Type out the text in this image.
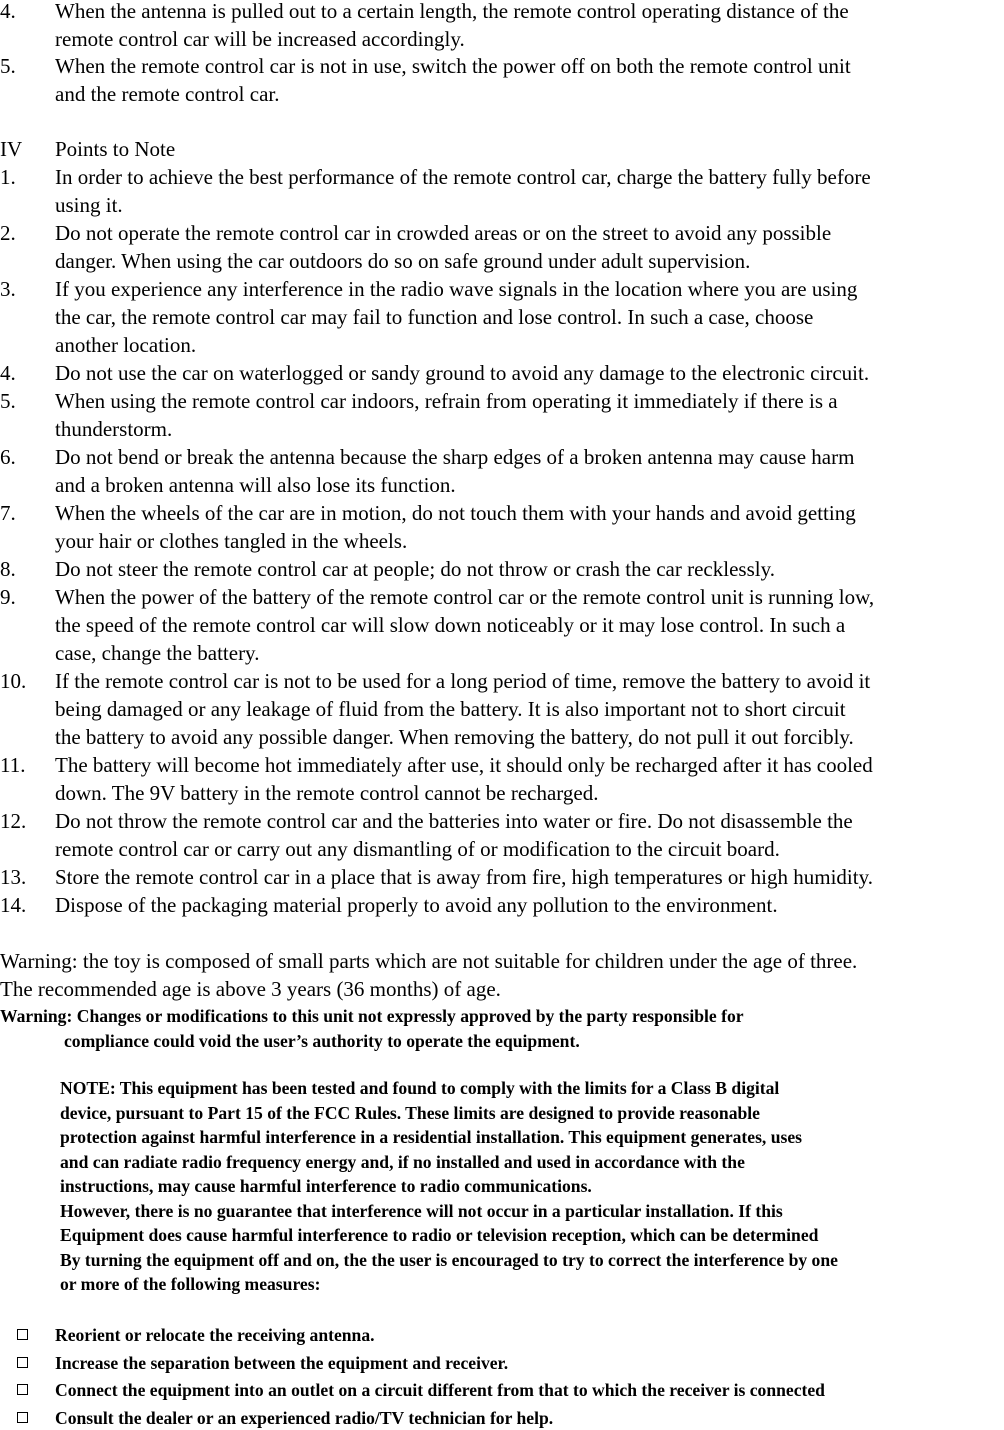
4. When the antenna is pulled out to a certain length, the remote control operating distance of the
remote control car will be increased accordingly.
5. When the remote control car is not in use, switch the power off on both the remote control unit
and the remote control car.
IV Points to Note
1. In order to achieve the best performance of the remote control car, charge the battery fully before
using it.
2. Do not operate the remote control car in crowded areas or on the street to avoid any possible
danger. When using the car outdoors do so on safe ground under adult supervision.
3. If you experience any interference in the radio wave signals in the location where you are using
the car, the remote control car may fail to function and lose control. In such a case, choose
another location.
4. Do not use the car on waterlogged or sandy ground to avoid any damage to the electronic circuit.
5. When using the remote control car indoors, refrain from operating it immediately if there is a
thunderstorm.
6. Do not bend or break the antenna because the sharp edges of a broken antenna may cause harm
and a broken antenna will also lose its function.
7. When the wheels of the car are in motion, do not touch them with your hands and avoid getting
your hair or clothes tangled in the wheels.
8. Do not steer the remote control car at people; do not throw or crash the car recklessly.
9. When the power of the battery of the remote control car or the remote control unit is running low,
the speed of the remote control car will slow down noticeably or it may lose control. In such a
case, change the battery.
10. If the remote control car is not to be used for a long period of time, remove the battery to avoid it
being damaged or any leakage of fluid from the battery. It is also important not to short circuit
the battery to avoid any possible danger. When removing the battery, do not pull it out forcibly.
11. The battery will become hot immediately after use, it should only be recharged after it has cooled
down. The 9V battery in the remote control cannot be recharged.
12. Do not throw the remote control car and the batteries into water or fire. Do not disassemble the
remote control car or carry out any dismantling of or modification to the circuit board.
13. Store the remote control car in a place that is away from fire, high temperatures or high humidity.
14. Dispose of the packaging material properly to avoid any pollution to the environment.
Warning: the toy is composed of small parts which are not suitable for children under the age of three.
The recommended age is above 3 years (36 months) of age.
Warning: Changes or modifications to this unit not expressly approved by the party responsible for
compliance could void the user’s authority to operate the equipment.
NOTE: This equipment has been tested and found to comply with the limits for a Class B digital
device, pursuant to Part 15 of the FCC Rules. These limits are designed to provide reasonable
protection against harmful interference in a residential installation. This equipment generates, uses
and can radiate radio frequency energy and, if no installed and used in accordance with the
instructions, may cause harmful interference to radio communications.
However, there is no guarantee that interference will not occur in a particular installation. If this
Equipment does cause harmful interference to radio or television reception, which can be determined
By turning the equipment off and on, the the user is encouraged to try to correct the interference by one
or more of the following measures:
Reorient or relocate the receiving antenna.
Increase the separation between the equipment and receiver.
Connect the equipment into an outlet on a circuit different from that to which the receiver is connected
Consult the dealer or an experienced radio/TV technician for help.
